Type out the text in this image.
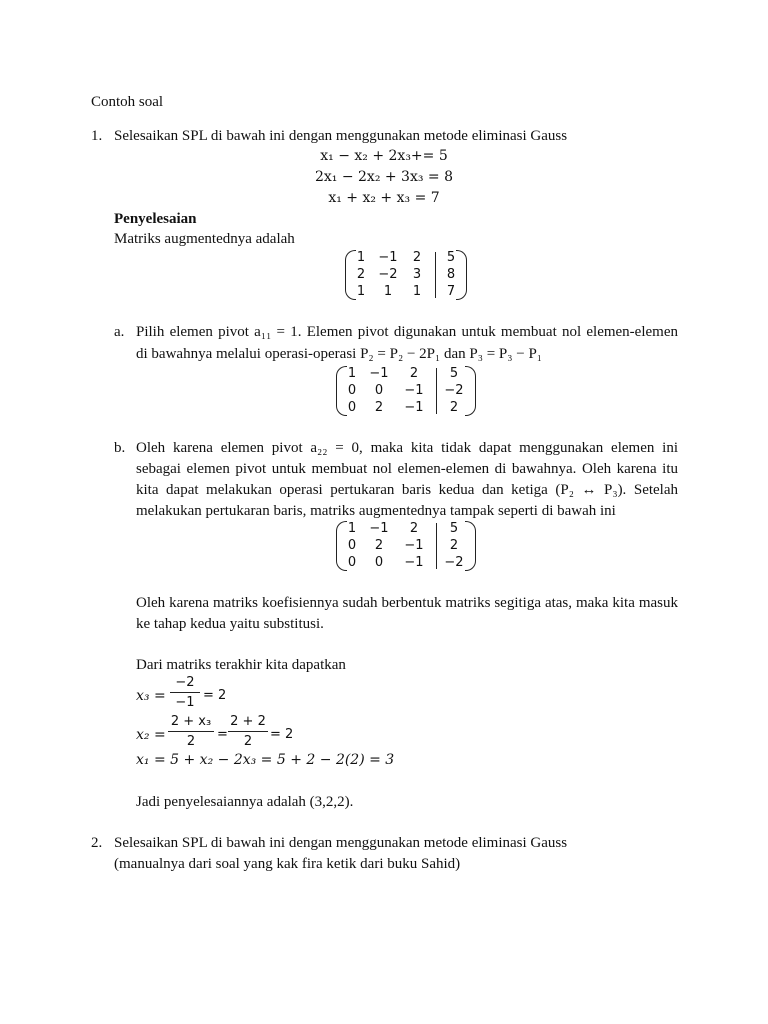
Contoh soal
1. Selesaikan SPL di bawah ini dengan menggunakan metode eliminasi Gauss
x₁ − x₂ + 2x₃+= 5
2x₁ − 2x₂ + 3x₃ = 8
x₁ + x₂ + x₃ = 7
Penyelesaian
Matriks augmentednya adalah
1 −1	2	5
2 −2	3	8
1	1	1	7
a. Pilih elemen pivot a₁₁ = 1. Elemen pivot digunakan untuk membuat nol elemen-elemen
di bawahnya melalui operasi-operasi P₂ = P₂ − 2P₁ dan P₃ = P₃ − P₁
1 −1	2	5
0	0	−1	−2
0	2	−1	2
b. Oleh karena elemen pivot a₂₂ = 0, maka kita tidak dapat menggunakan elemen ini
sebagai elemen pivot untuk membuat nol elemen-elemen di bawahnya. Oleh karena itu
kita dapat melakukan operasi pertukaran baris kedua dan ketiga (P₂ ↔ P₃). Setelah
melakukan pertukaran baris, matriks augmentednya tampak seperti di bawah ini
1 −1	2	5
0	2	−1	2
0	0	−1	−2
Oleh karena matriks koefisiennya sudah berbentuk matriks segitiga atas, maka kita masuk
ke tahap kedua yaitu substitusi.
Dari matriks terakhir kita dapatkan
x₃ =
−2
−1 = 2
x₂ =
2 + x₃
2	=
2 + 2
2	= 2
x₁ = 5 + x₂ − 2x₃ = 5 + 2 − 2(2) = 3
Jadi penyelesaiannya adalah (3,2,2).
2. Selesaikan SPL di bawah ini dengan menggunakan metode eliminasi Gauss
(manualnya dari soal yang kak fira ketik dari buku Sahid)
